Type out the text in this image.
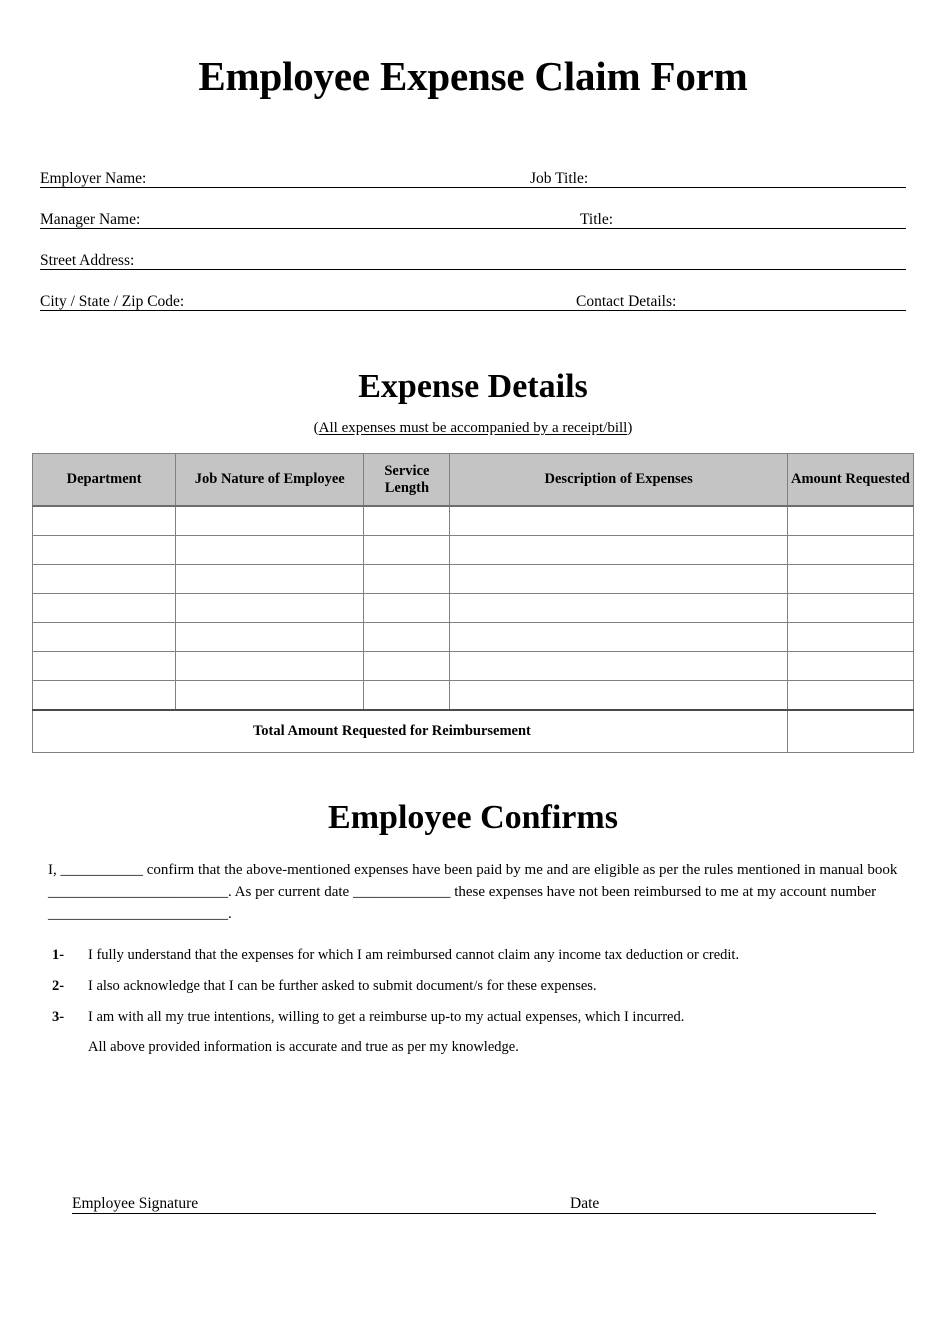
Employee Expense Claim Form
Employer Name:	Job Title:
Manager Name:	Title:
Street Address:
City / State / Zip Code:	Contact Details:
Expense Details

(All expenses must be accompanied by a receipt/bill)

Department	Job Nature of Employee	Service Length	Description of Expenses	Amount Requested

Total Amount Requested for Reimbursement				
Employee Confirms

I, ___________ confirm that the above-mentioned expenses have been paid by me and are eligible as per the rules mentioned in manual book ________________________. As per current date _____________ these expenses have not been reimbursed to me at my account number ________________________.

1- I fully understand that the expenses for which I am reimbursed cannot claim any income tax deduction or credit.
2- I also acknowledge that I can be further asked to submit document/s for these expenses.
3- I am with all my true intentions, willing to get a reimburse up-to my actual expenses, which I incurred.
All above provided information is accurate and true as per my knowledge.
Employee Signature	Date
